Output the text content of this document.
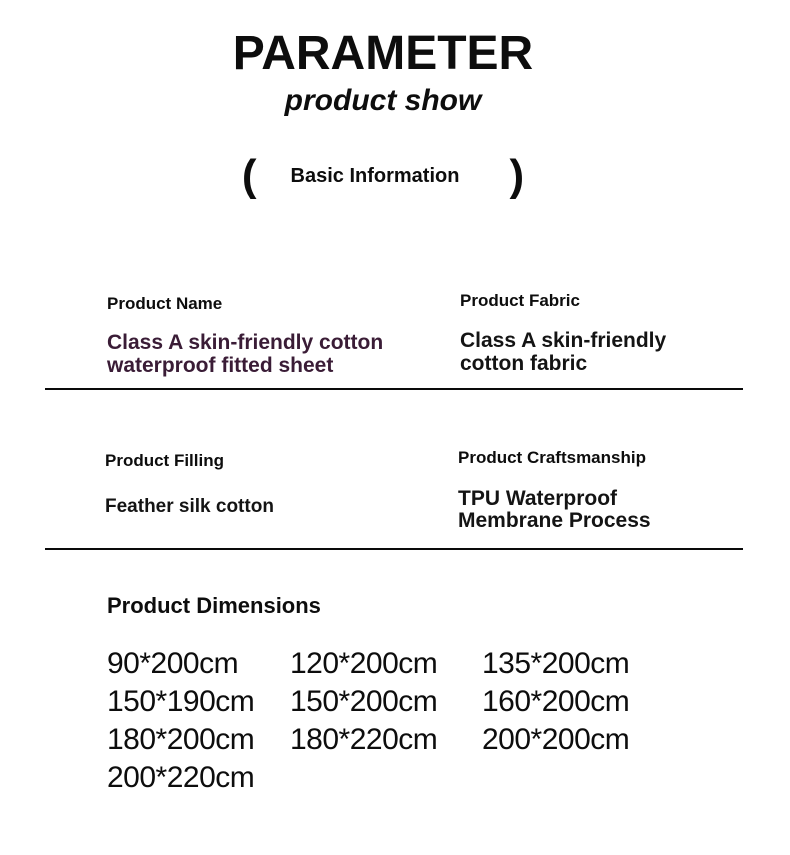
PARAMETER
product show
( Basic Information	)
Product Name
Class A skin-friendly cotton waterproof fitted sheet
Product Fabric
Class A skin-friendly cotton fabric
Product Filling
Feather silk cotton
Product Craftsmanship
TPU Waterproof Membrane Process
Product Dimensions
90*200cm	120*200cm	135*200cm
150*190cm	150*200cm	160*200cm
180*200cm	180*220cm	200*200cm
200*220cm
